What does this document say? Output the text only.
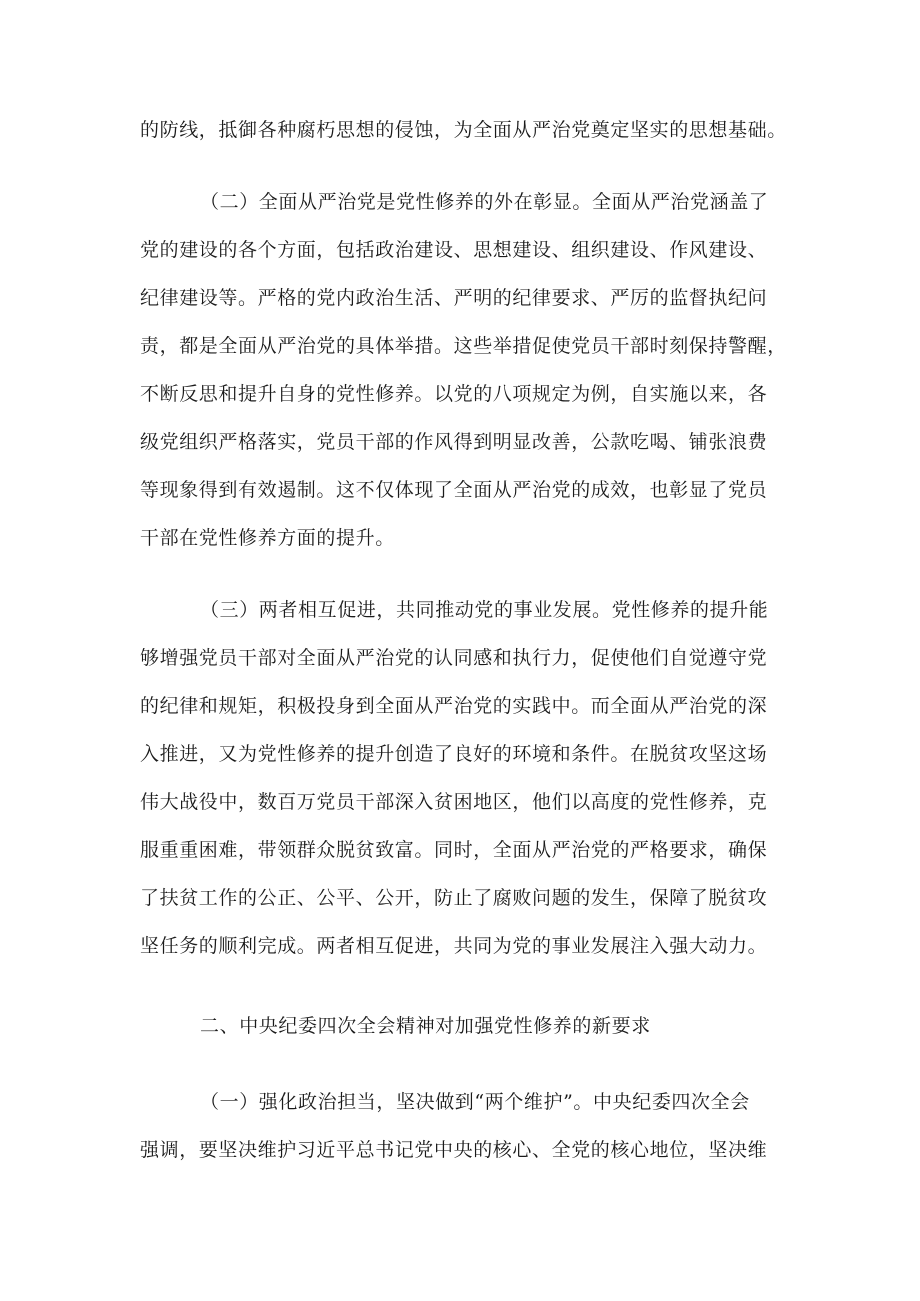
的防线，抵御各种腐朽思想的侵蚀，为全面从严治党奠定坚实的思想基础。
（二）全面从严治党是党性修养的外在彰显。全面从严治党涵盖了
党的建设的各个方面，包括政治建设、思想建设、组织建设、作风建设、
纪律建设等。严格的党内政治生活、严明的纪律要求、严厉的监督执纪问
责，都是全面从严治党的具体举措。这些举措促使党员干部时刻保持警醒，
不断反思和提升自身的党性修养。以党的八项规定为例，自实施以来，各
级党组织严格落实，党员干部的作风得到明显改善，公款吃喝、铺张浪费
等现象得到有效遏制。这不仅体现了全面从严治党的成效，也彰显了党员
干部在党性修养方面的提升。
（三）两者相互促进，共同推动党的事业发展。党性修养的提升能
够增强党员干部对全面从严治党的认同感和执行力，促使他们自觉遵守党
的纪律和规矩，积极投身到全面从严治党的实践中。而全面从严治党的深
入推进，又为党性修养的提升创造了良好的环境和条件。在脱贫攻坚这场
伟大战役中，数百万党员干部深入贫困地区，他们以高度的党性修养，克
服重重困难，带领群众脱贫致富。同时，全面从严治党的严格要求，确保
了扶贫工作的公正、公平、公开，防止了腐败问题的发生，保障了脱贫攻
坚任务的顺利完成。两者相互促进，共同为党的事业发展注入强大动力。
二、中央纪委四次全会精神对加强党性修养的新要求
（一）强化政治担当，坚决做到“两个维护”。中央纪委四次全会
强调，要坚决维护习近平总书记党中央的核心、全党的核心地位，坚决维
